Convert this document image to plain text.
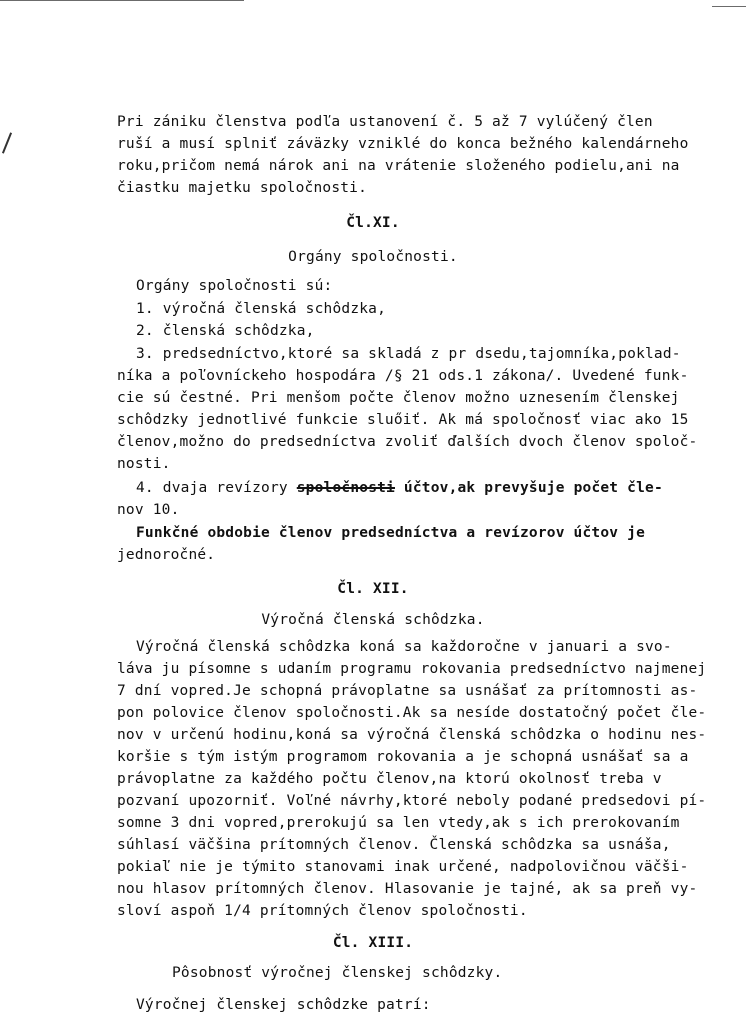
Pri zániku členstva podľa ustanovení č. 5 až 7 vylúčený člen
ruší a musí splniť záväzky vzniklé do konca bežného kalendárneho
roku,pričom nemá nárok ani na vrátenie složeného podielu,ani na
čiastku majetku spoločnosti.
Čl.XI.
Orgány spoločnosti.
Orgány spoločnosti sú:
1. výročná členská schôdzka,
2. členská schôdzka,
3. predsedníctvo,ktoré sa skladá z pr dsedu,tajomníka,poklad-
níka a poľovníckeho hospodára /§ 21 ods.1 zákona/. Uvedené funk-
cie sú čestné. Pri menšom počte členov možno uznesením členskej
schôdzky jednotlivé funkcie sluőiť. Ak má spoločnosť viac ako 15
členov,možno do predsedníctva zvoliť ďalších dvoch členov spoloč-
nosti.
4. dvaja revízory spoločnosti účtov,ak prevyšuje počet čle-
nov 10.
Funkčné obdobie členov predsedníctva a revízorov účtov je
jednoročné.
Čl. XII.
Výročná členská schôdzka.
Výročná členská schôdzka koná sa každoročne v januari a svo-
láva ju písomne s udaním programu rokovania predsedníctvo najmenej
7 dní vopred.Je schopná právoplatne sa usnášať za prítomnosti as-
pon polovice členov spoločnosti.Ak sa nesíde dostatočný počet čle-
nov v určenú hodinu,koná sa výročná členská schôdzka o hodinu nes-
koršie s tým istým programom rokovania a je schopná usnášať sa a
právoplatne za každého počtu členov,na ktorú okolnosť treba v
pozvaní upozorniť. Voľné návrhy,ktoré neboly podané predsedovi pí-
somne 3 dni vopred,prerokujú sa len vtedy,ak s ich prerokovaním
súhlasí väčšina prítomných členov. Členská schôdzka sa usnáša,
pokiaľ nie je týmito stanovami inak určené, nadpolovičnou väčši-
nou hlasov prítomných členov. Hlasovanie je tajné, ak sa preň vy-
sloví aspoň 1/4 prítomných členov spoločnosti.
Čl. XIII.
Pôsobnosť výročnej členskej schôdzky.
Výročnej členskej schôdzke patrí:
